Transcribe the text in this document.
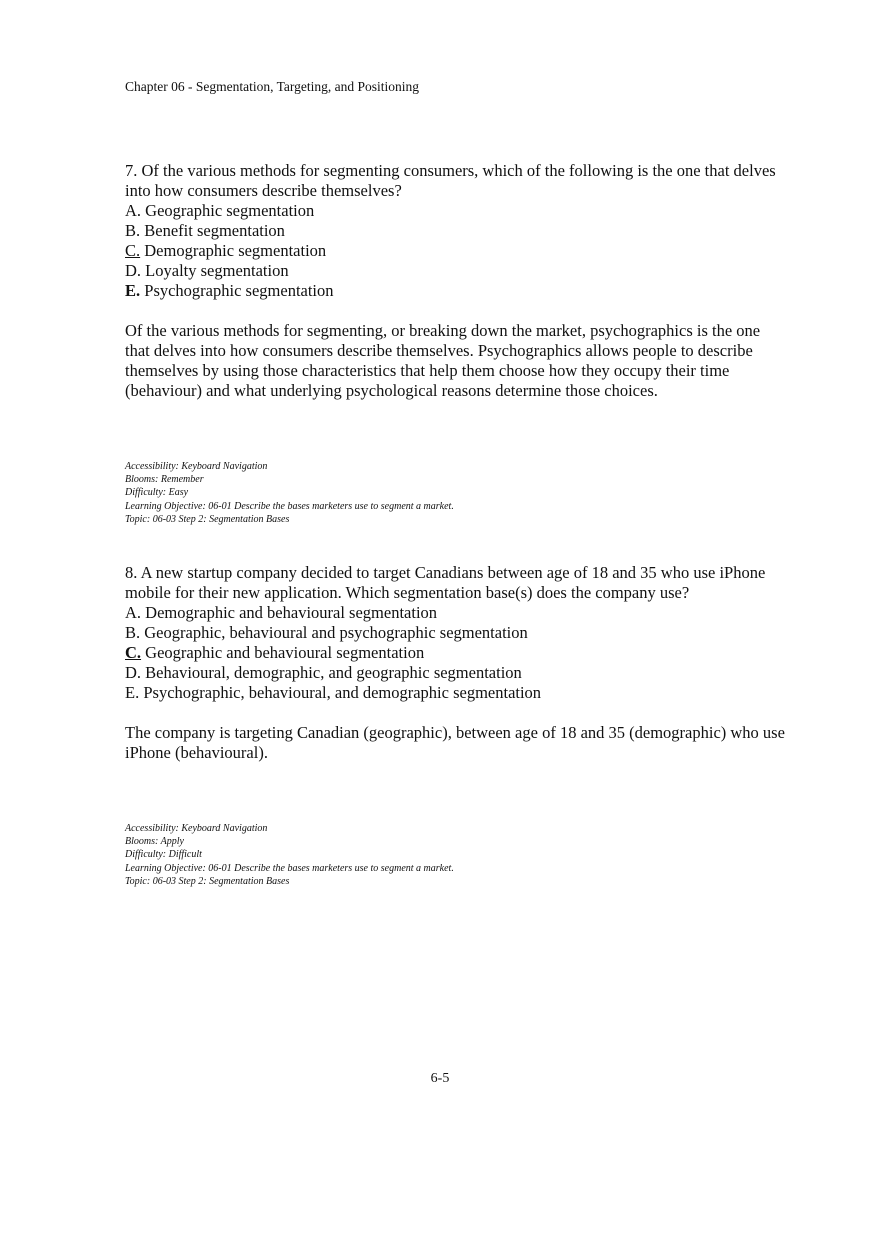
Chapter 06 - Segmentation, Targeting, and Positioning

7. Of the various methods for segmenting consumers, which of the following is the one that delves into how consumers describe themselves?

A. Geographic segmentation

B. Benefit segmentation

C. Demographic segmentation

D. Loyalty segmentation

E. Psychographic segmentation

Of the various methods for segmenting, or breaking down the market, psychographics is the one that delves into how consumers describe themselves. Psychographics allows people to describe themselves by using those characteristics that help them choose how they occupy their time (behaviour) and what underlying psychological reasons determine those choices.

Accessibility: Keyboard Navigation
Blooms: Remember
Difficulty: Easy
Learning Objective: 06-01 Describe the bases marketers use to segment a market.
Topic: 06-03 Step 2: Segmentation Bases

8. A new startup company decided to target Canadians between age of 18 and 35 who use iPhone mobile for their new application. Which segmentation base(s) does the company use?

A. Demographic and behavioural segmentation

B. Geographic, behavioural and psychographic segmentation

C. Geographic and behavioural segmentation

D. Behavioural, demographic, and geographic segmentation

E. Psychographic, behavioural, and demographic segmentation

The company is targeting Canadian (geographic), between age of 18 and 35 (demographic) who use iPhone (behavioural).

Accessibility: Keyboard Navigation
Blooms: Apply
Difficulty: Difficult
Learning Objective: 06-01 Describe the bases marketers use to segment a market.
Topic: 06-03 Step 2: Segmentation Bases
6-5
